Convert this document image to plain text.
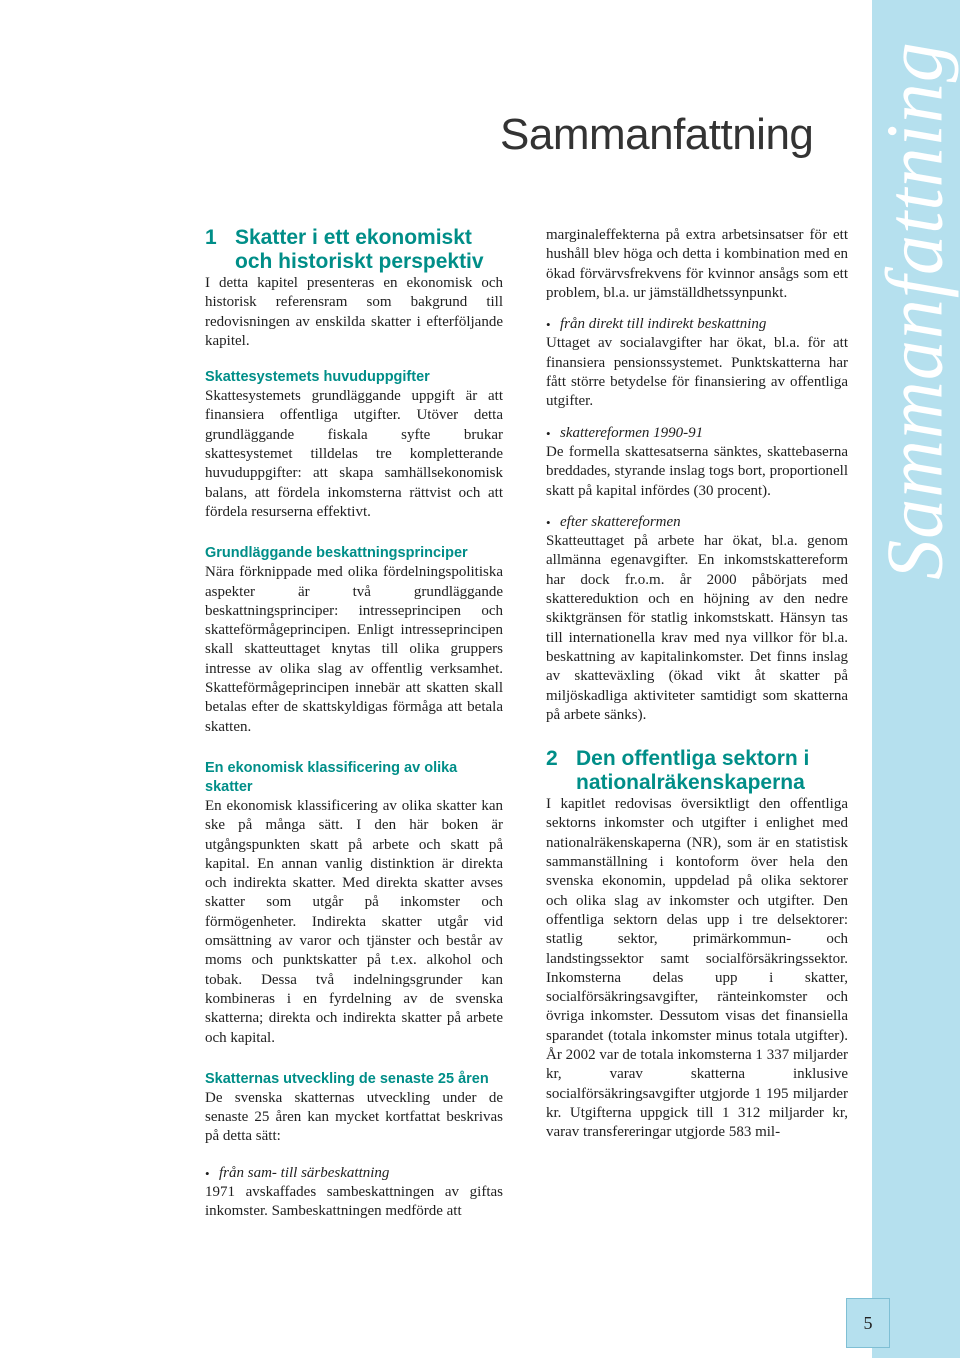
Sammanfattning Sammanfattning
5
1 Skatter i ett ekonomiskt och historiskt perspektiv

I detta kapitel presenteras en ekonomisk och historisk referensram som bakgrund till redovisningen av enskilda skatter i efterföljande kapitel.

Skattesystemets huvuduppgifter

Skattesystemets grundläggande uppgift är att finansiera offentliga utgifter. Utöver detta grundläggande fiskala syfte brukar skattesystemet tilldelas tre kompletterande huvuduppgifter: att skapa samhällsekonomisk balans, att fördela inkomsterna rättvist och att fördela resurserna effektivt.

Grundläggande beskattningsprinciper

Nära förknippade med olika fördelningspolitiska aspekter är två grundläggande beskattningsprinciper: intresseprincipen och skatteförmågeprincipen. Enligt intresseprincipen skall skatteuttaget knytas till olika gruppers intresse av olika slag av offentlig verksamhet. Skatteförmågeprincipen innebär att skatten skall betalas efter de skattskyldigas förmåga att betala skatten.

En ekonomisk klassificering av olika skatter

En ekonomisk klassificering av olika skatter kan ske på många sätt. I den här boken är utgångspunkten skatt på arbete och skatt på kapital. En annan vanlig distinktion är direkta och indirekta skatter. Med direkta skatter avses skatter som utgår på inkomster och förmögenheter. Indirekta skatter utgår vid omsättning av varor och tjänster och består av moms och punktskatter på t.ex. alkohol och tobak. Dessa två indelningsgrunder kan kombineras i en fyrdelning av de svenska skatterna; direkta och indirekta skatter på arbete och kapital.

Skatternas utveckling de senaste 25 åren

De svenska skatternas utveckling under de senaste 25 åren kan mycket kortfattat beskrivas på detta sätt:

• från sam- till särbeskattning

1971 avskaffades sambeskattningen av giftas inkomster. Sambeskattningen medförde att

marginaleffekterna på extra arbetsinsatser för ett hushåll blev höga och detta i kombination med en ökad förvärvsfrekvens för kvinnor ansågs som ett problem, bl.a. ur jämställdhetssynpunkt.

• från direkt till indirekt beskattning

Uttaget av socialavgifter har ökat, bl.a. för att finansiera pensionssystemet. Punktskatterna har fått större betydelse för finansiering av offentliga utgifter.

• skattereformen 1990-91

De formella skattesatserna sänktes, skattebaserna breddades, styrande inslag togs bort, proportionell skatt på kapital infördes (30 procent).

• efter skattereformen

Skatteuttaget på arbete har ökat, bl.a. genom allmänna egenavgifter. En inkomstskattereform har dock fr.o.m. år 2000 påbörjats med skattereduktion och en höjning av den nedre skiktgränsen för statlig inkomstskatt. Hänsyn tas till internationella krav med nya villkor för bl.a. beskattning av kapitalinkomster. Det finns inslag av skatteväxling (ökad vikt åt skatter på miljöskadliga aktiviteter samtidigt som skatterna på arbete sänks).

2 Den offentliga sektorn i nationalräkenskaperna

I kapitlet redovisas översiktligt den offentliga sektorns inkomster och utgifter i enlighet med nationalräkenskaperna (NR), som är en statistisk sammanställning i kontoform över hela den svenska ekonomin, uppdelad på olika sektorer och olika slag av inkomster och utgifter. Den offentliga sektorn delas upp i tre delsektorer: statlig sektor, primärkommun- och landstingssektor samt socialförsäkringssektor. Inkomsterna delas upp i skatter, socialförsäkringsavgifter, ränteinkomster och övriga inkomster. Dessutom visas det finansiella sparandet (totala inkomster minus totala utgifter). År 2002 var de totala inkomsterna 1 337 miljarder kr, varav skatterna inklusive socialförsäkringsavgifter utgjorde 1 195 miljarder kr. Utgifterna uppgick till 1 312 miljarder kr, varav transfereringar utgjorde 583 mil-
